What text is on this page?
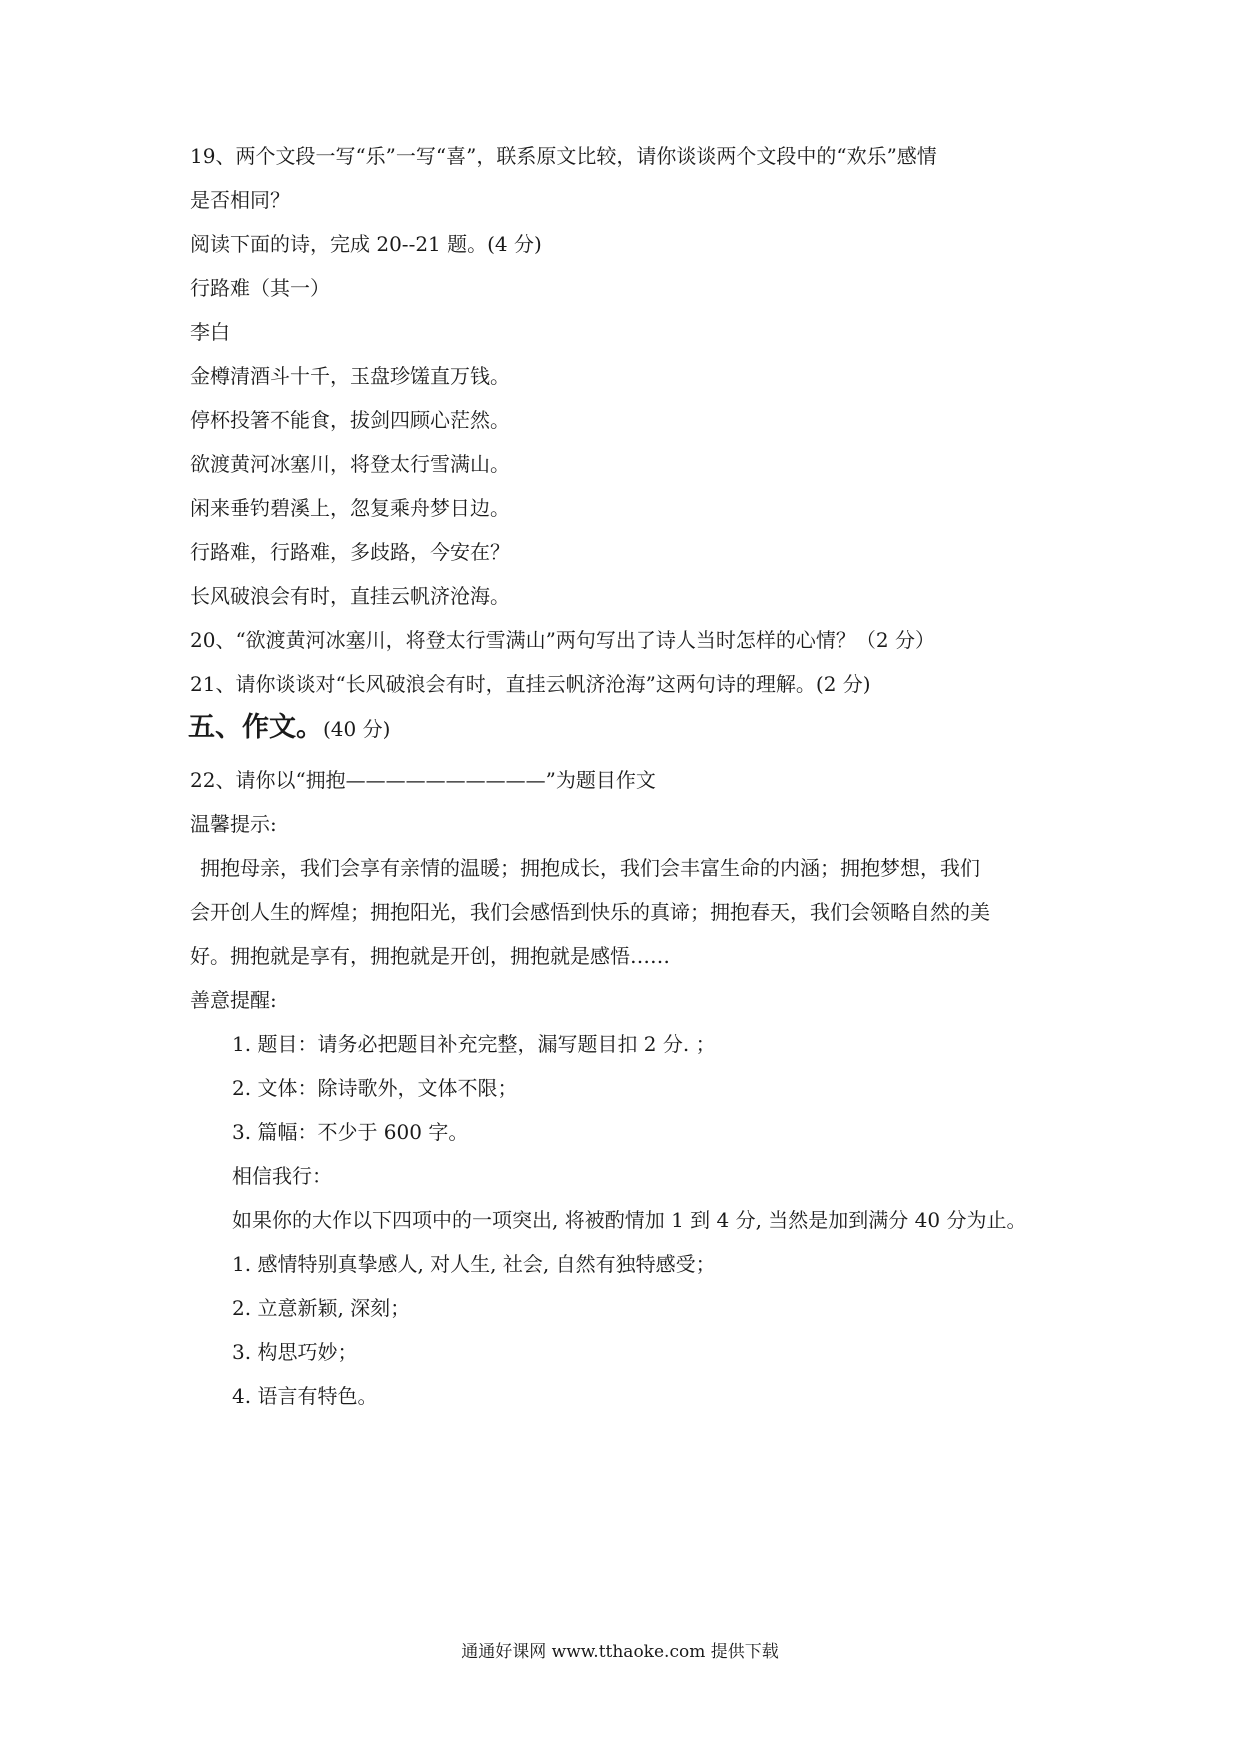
19、两个文段一写“乐”一写“喜”，联系原文比较，请你谈谈两个文段中的“欢乐”感情
是否相同？
阅读下面的诗，完成 20--21 题。(4 分)
行路难（其一）
李白
金樽清酒斗十千，玉盘珍馐直万钱。
停杯投箸不能食，拔剑四顾心茫然。
欲渡黄河冰塞川，将登太行雪满山。
闲来垂钓碧溪上，忽复乘舟梦日边。
行路难，行路难，多歧路，今安在？
长风破浪会有时，直挂云帆济沧海。
20、“欲渡黄河冰塞川，将登太行雪满山”两句写出了诗人当时怎样的心情？（2 分）
21、请你谈谈对“长风破浪会有时，直挂云帆济沧海”这两句诗的理解。(2 分)
五、作文。(40 分)
22、请你以“拥抱——————————”为题目作文
温馨提示:
拥抱母亲，我们会享有亲情的温暖；拥抱成长，我们会丰富生命的内涵；拥抱梦想，我们
会开创人生的辉煌；拥抱阳光，我们会感悟到快乐的真谛；拥抱春天，我们会领略自然的美
好。拥抱就是享有，拥抱就是开创，拥抱就是感悟……
善意提醒:
1. 题目：请务必把题目补充完整，漏写题目扣 2 分. ；
2. 文体：除诗歌外，文体不限；
3. 篇幅：不少于 600 字。
相信我行：
如果你的大作以下四项中的一项突出, 将被酌情加 1 到 4 分, 当然是加到满分 40 分为止。
1. 感情特别真挚感人, 对人生, 社会, 自然有独特感受；
2. 立意新颖, 深刻；
3. 构思巧妙；
4. 语言有特色。
通通好课网 www.tthaoke.com 提供下载
